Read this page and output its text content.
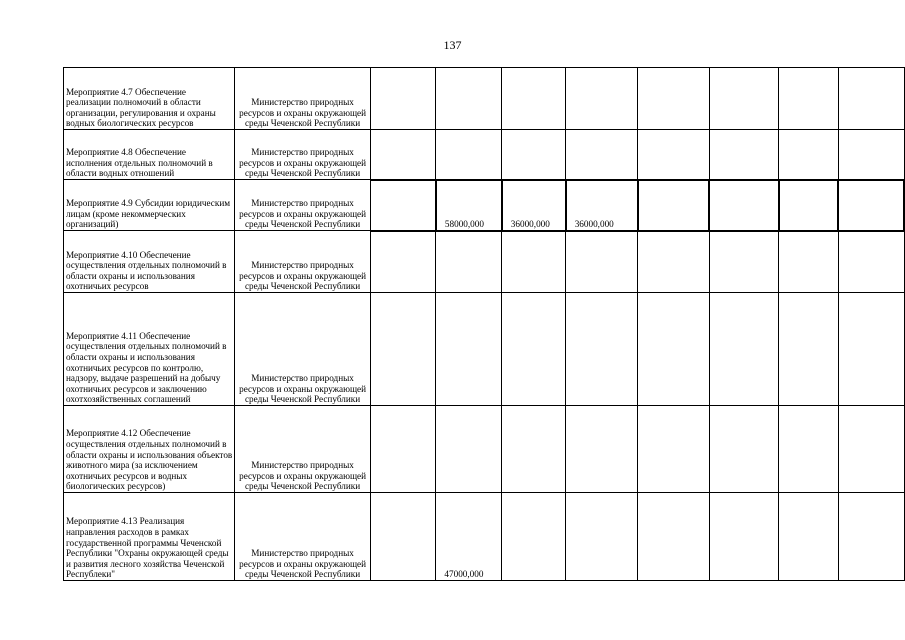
137
Мероприятие 4.7 Обеспечение реализации полномочий в области организации, регулирования и охраны водных биологических ресурсов	Министерство природных ресурсов и охраны окружающей среды Чеченской Республики								
Мероприятие 4.8 Обеспечение исполнения отдельных полномочий в области водных отношений	Министерство природных ресурсов и охраны окружающей среды Чеченской Республики								
Мероприятие 4.9 Субсидии юридическим лицам (кроме некоммерческих организаций)	Министерство природных ресурсов и охраны окружающей среды Чеченской Республики		58000,000	36000,000	36000,000				
Мероприятие 4.10 Обеспечение осуществления отдельных полномочий в области охраны и использования охотничьих ресурсов	Министерство природных ресурсов и охраны окружающей среды Чеченской Республики								
Мероприятие 4.11 Обеспечение осуществления отдельных полномочий в области охраны и использования охотничьих ресурсов по контролю, надзору, выдаче разрешений на добычу охотничьих ресурсов и заключению охотхозяйственных соглашений	Министерство природных ресурсов и охраны окружающей среды Чеченской Республики								
Мероприятие 4.12 Обеспечение осуществления отдельных полномочий в области охраны и использования объектов животного мира (за исключением охотничьих ресурсов и водных биологических ресурсов)	Министерство природных ресурсов и охраны окружающей среды Чеченской Республики								
Мероприятие 4.13 Реализация направления расходов в рамках государственной программы Чеченской Республики "Охраны окружающей среды и развития лесного хозяйства Чеченской Республеки"	Министерство природных ресурсов и охраны окружающей среды Чеченской Республики		47000,000						
